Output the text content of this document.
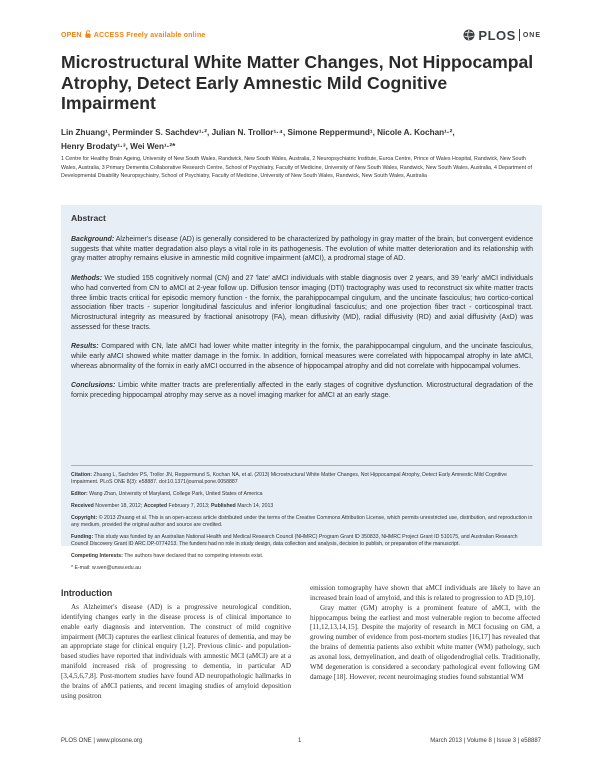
OPEN ACCESS Freely available online	PLOS ONE
Microstructural White Matter Changes, Not Hippocampal Atrophy, Detect Early Amnestic Mild Cognitive Impairment
Lin Zhuang¹, Perminder S. Sachdev¹·², Julian N. Trollor¹·⁴, Simone Reppermund¹, Nicole A. Kochan¹·²,
Henry Brodaty¹·³, Wei Wen¹·²*
1 Centre for Healthy Brain Ageing, University of New South Wales, Randwick, New South Wales, Australia, 2 Neuropsychiatric Institute, Euroa Centre, Prince of Wales Hospital, Randwick, New South Wales, Australia, 3 Primary Dementia Collaborative Research Centre, School of Psychiatry, Faculty of Medicine, University of New South Wales, Randwick, New South Wales, Australia, 4 Department of Developmental Disability Neuropsychiatry, School of Psychiatry, Faculty of Medicine, University of New South Wales, Randwick, New South Wales, Australia
Abstract

Background: Alzheimer's disease (AD) is generally considered to be characterized by pathology in gray matter of the brain, but convergent evidence suggests that white matter degradation also plays a vital role in its pathogenesis. The evolution of white matter deterioration and its relationship with gray matter atrophy remains elusive in amnestic mild cognitive impairment (aMCI), a prodromal stage of AD.

Methods: We studied 155 cognitively normal (CN) and 27 'late' aMCI individuals with stable diagnosis over 2 years, and 39 'early' aMCI individuals who had converted from CN to aMCI at 2-year follow up. Diffusion tensor imaging (DTI) tractography was used to reconstruct six white matter tracts three limbic tracts critical for episodic memory function - the fornix, the parahippocampal cingulum, and the uncinate fasciculus; two cortico-cortical association fiber tracts - superior longitudinal fasciculus and inferior longitudinal fasciculus; and one projection fiber tract - corticospinal tract. Microstructural integrity as measured by fractional anisotropy (FA), mean diffusivity (MD), radial diffusivity (RD) and axial diffusivity (AxD) was assessed for these tracts.

Results: Compared with CN, late aMCI had lower white matter integrity in the fornix, the parahippocampal cingulum, and the uncinate fasciculus, while early aMCI showed white matter damage in the fornix. In addition, fornical measures were correlated with hippocampal atrophy in late aMCI, whereas abnormality of the fornix in early aMCI occurred in the absence of hippocampal atrophy and did not correlate with hippocampal volumes.

Conclusions: Limbic white matter tracts are preferentially affected in the early stages of cognitive dysfunction. Microstructural degradation of the fornix preceding hippocampal atrophy may serve as a novel imaging marker for aMCI at an early stage.

Citation: Zhuang L, Sachdev PS, Trollor JN, Reppermund S, Kochan NA, et al. (2013) Microstructural White Matter Changes, Not Hippocampal Atrophy, Detect Early Amnestic Mild Cognitive Impairment. PLoS ONE 8(3): e58887. doi:10.1371/journal.pone.0058887

Editor: Wang Zhan, University of Maryland, College Park, United States of America

Received November 18, 2012; Accepted February 7, 2013; Published March 14, 2013

Copyright: © 2013 Zhuang et al. This is an open-access article distributed under the terms of the Creative Commons Attribution License, which permits unrestricted use, distribution, and reproduction in any medium, provided the original author and source are credited.

Funding: This study was funded by an Australian National Health and Medical Research Council (NHMRC) Program Grant ID 350833, NHMRC Project Grant ID 510175, and Australian Research Council Discovery Grant ID ARC DP-0774213. The funders had no role in study design, data collection and analysis, decision to publish, or preparation of the manuscript.

Competing Interests: The authors have declared that no competing interests exist.

* E-mail: w.wen@unsw.edu.au

Introduction

As Alzheimer's disease (AD) is a progressive neurological condition, identifying changes early in the disease process is of clinical importance to enable early diagnosis and intervention. The construct of mild cognitive impairment (MCI) captures the earliest clinical features of dementia, and may be an appropriate stage for clinical enquiry [1,2]. Previous clinic- and population-based studies have reported that individuals with amnestic MCI (aMCI) are at a manifold increased risk of progressing to dementia, in particular AD [3,4,5,6,7,8]. Post-mortem studies have found AD neuropathologic hallmarks in the brains of aMCI patients, and recent imaging studies of amyloid deposition using positron

emission tomography have shown that aMCI individuals are likely to have an increased brain load of amyloid, and this is related to progression to AD [9,10].

Gray matter (GM) atrophy is a prominent feature of aMCI, with the hippocampus being the earliest and most vulnerable region to become affected [11,12,13,14,15]. Despite the majority of research in MCI focusing on GM, a growing number of evidence from post-mortem studies [16,17] has revealed that the brains of dementia patients also exhibit white matter (WM) pathology, such as axonal loss, demyelination, and death of oligodendroglial cells. Traditionally, WM degeneration is considered a secondary pathological event following GM damage [18]. However, recent neuroimaging studies found substantial WM

PLOS ONE | www.plosone.org	1	March 2013 | Volume 8 | Issue 3 | e58887
